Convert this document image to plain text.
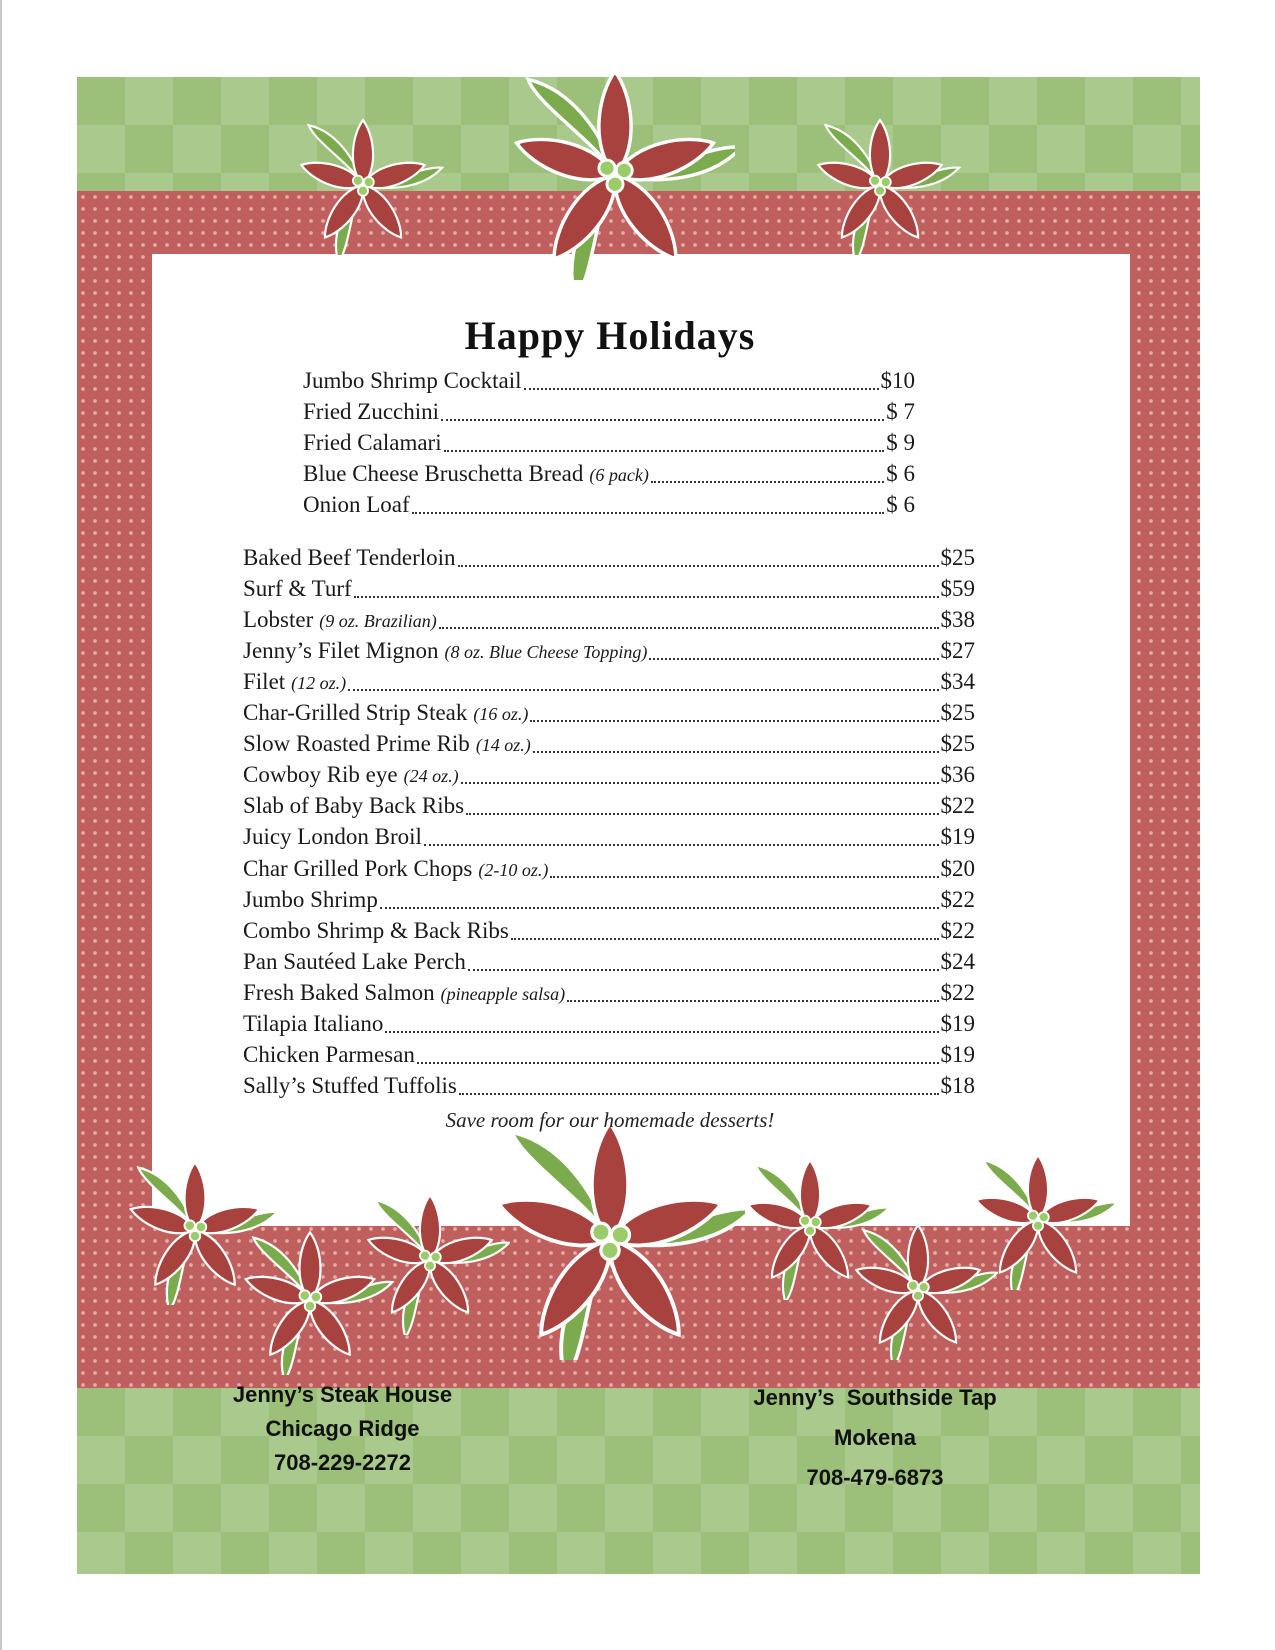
Happy Holidays
Jumbo Shrimp Cocktail	$10
Fried Zucchini	$ 7
Fried Calamari	$ 9
Blue Cheese Bruschetta Bread (6 pack)	$ 6
Onion Loaf	$ 6
Baked Beef Tenderloin	$25
Surf & Turf	$59
Lobster (9 oz. Brazilian)	$38
Jenny’s Filet Mignon (8 oz. Blue Cheese Topping)	$27
Filet (12 oz.)	$34
Char-Grilled Strip Steak (16 oz.)	$25
Slow Roasted Prime Rib (14 oz.)	$25
Cowboy Rib eye (24 oz.)	$36
Slab of Baby Back Ribs	$22
Juicy London Broil	$19
Char Grilled Pork Chops (2-10 oz.)	$20
Jumbo Shrimp	$22
Combo Shrimp & Back Ribs	$22
Pan Sautéed Lake Perch	$24
Fresh Baked Salmon (pineapple salsa)	$22
Tilapia Italiano	$19
Chicken Parmesan	$19
Sally’s Stuffed Tuffolis	$18
Save room for our homemade desserts!
Jenny’s Steak House
Chicago Ridge
708-229-2272
Jenny’s  Southside Tap
Mokena
708-479-6873
